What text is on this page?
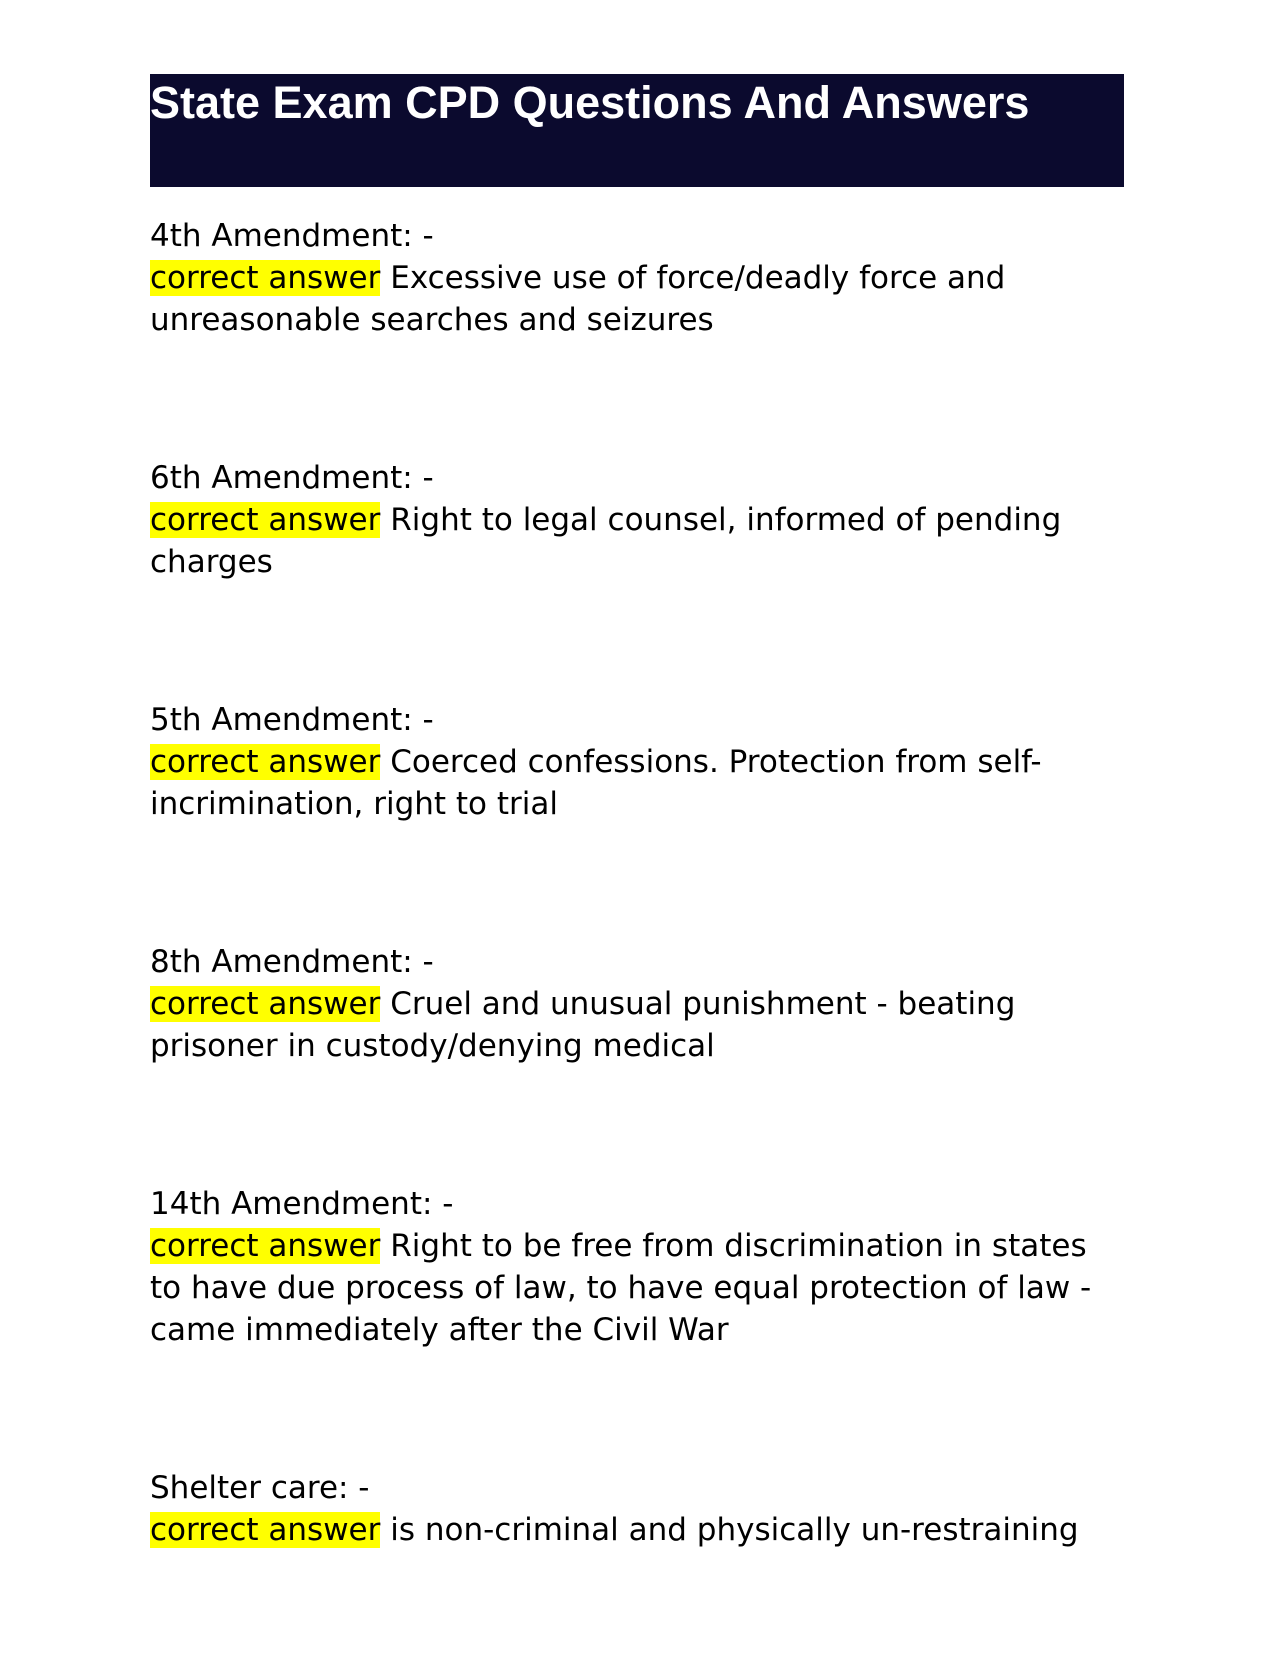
State Exam CPD Questions And Answers
4th Amendment: -
correct answer Excessive use of force/deadly force and unreasonable searches and seizures
6th Amendment: -
correct answer Right to legal counsel, informed of pending charges
5th Amendment: -
correct answer Coerced confessions. Protection from self-incrimination, right to trial
8th Amendment: -
correct answer Cruel and unusual punishment - beating prisoner in custody/denying medical
14th Amendment: -
correct answer Right to be free from discrimination in states to have due process of law, to have equal protection of law - came immediately after the Civil War
Shelter care: -
correct answer is non-criminal and physically un-restraining
